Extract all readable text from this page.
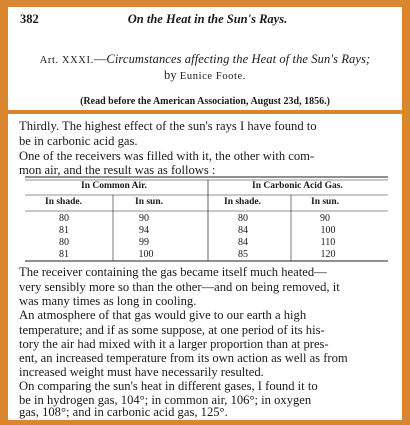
382	On the Heat in the Sun's Rays.
Art. XXXI.—Circumstances affecting the Heat of the Sun's Rays;
by Eunice Foote.
(Read before the American Association, August 23d, 1856.)
Thirdly. The highest effect of the sun's rays I have found to
be in carbonic acid gas.
One of the receivers was filled with it, the other with com-
mon air, and the result was as follows :
In Common Air.	In Carbonic Acid Gas.
In shade.	In sun.	In shade.	In sun.
80	90	80	90
81	94	84	100
80	99	84	110
81	100	85	120
The receiver containing the gas became itself much heated—
very sensibly more so than the other—and on being removed, it
was many times as long in cooling.
An atmosphere of that gas would give to our earth a high
temperature; and if as some suppose, at one period of its his-
tory the air had mixed with it a larger proportion than at pres-
ent, an increased temperature from its own action as well as from
increased weight must have necessarily resulted.
On comparing the sun's heat in different gases, I found it to
be in hydrogen gas, 104°; in common air, 106°; in oxygen
gas, 108°; and in carbonic acid gas, 125°.
